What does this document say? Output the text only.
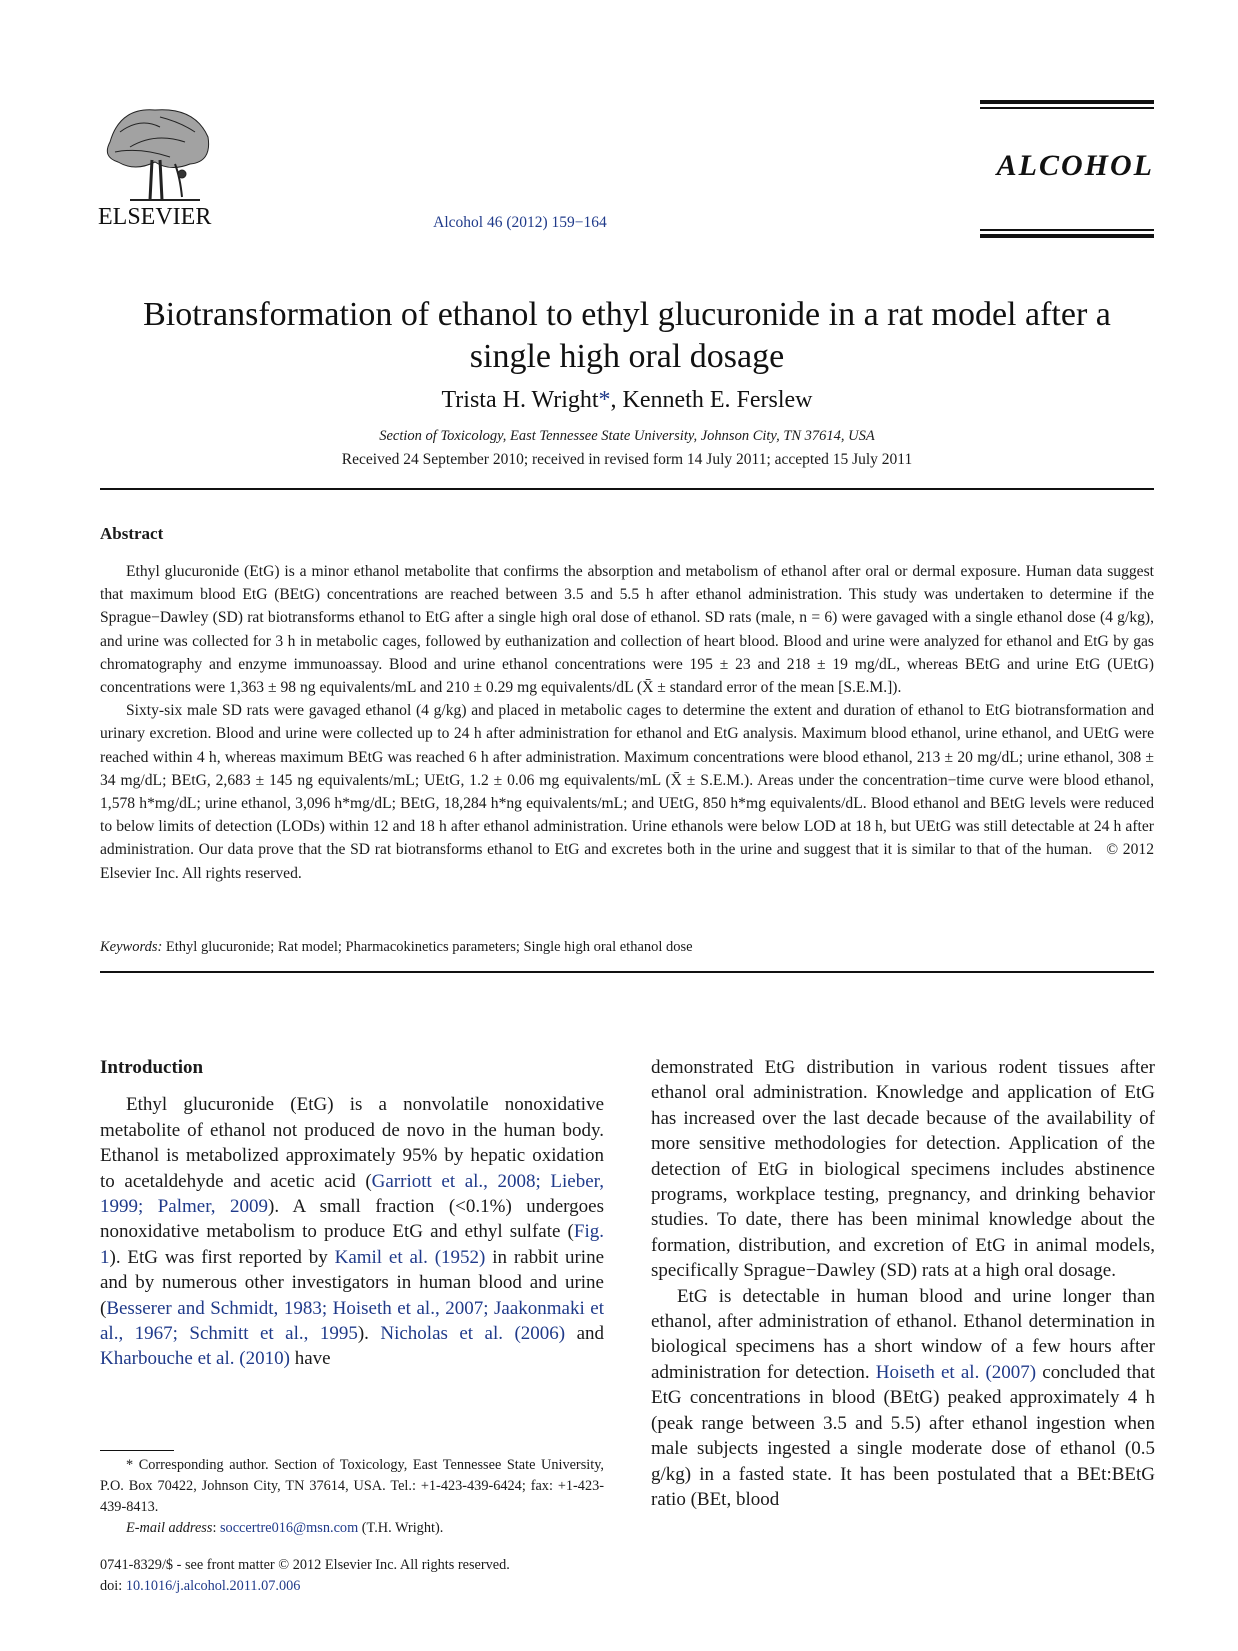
ELSEVIER	Alcohol 46 (2012) 159−164
ALCOHOL
Biotransformation of ethanol to ethyl glucuronide in a rat model after a single high oral dosage
Trista H. Wright*, Kenneth E. Ferslew
Section of Toxicology, East Tennessee State University, Johnson City, TN 37614, USA
Received 24 September 2010; received in revised form 14 July 2011; accepted 15 July 2011
Abstract

Ethyl glucuronide (EtG) is a minor ethanol metabolite that confirms the absorption and metabolism of ethanol after oral or dermal exposure. Human data suggest that maximum blood EtG (BEtG) concentrations are reached between 3.5 and 5.5 h after ethanol administration. This study was undertaken to determine if the Sprague−Dawley (SD) rat biotransforms ethanol to EtG after a single high oral dose of ethanol. SD rats (male, n = 6) were gavaged with a single ethanol dose (4 g/kg), and urine was collected for 3 h in metabolic cages, followed by euthanization and collection of heart blood. Blood and urine were analyzed for ethanol and EtG by gas chromatography and enzyme immunoassay. Blood and urine ethanol concentrations were 195 ± 23 and 218 ± 19 mg/dL, whereas BEtG and urine EtG (UEtG) concentrations were 1,363 ± 98 ng equivalents/mL and 210 ± 0.29 mg equivalents/dL (X̄ ± standard error of the mean [S.E.M.]).

Sixty-six male SD rats were gavaged ethanol (4 g/kg) and placed in metabolic cages to determine the extent and duration of ethanol to EtG biotransformation and urinary excretion. Blood and urine were collected up to 24 h after administration for ethanol and EtG analysis. Maximum blood ethanol, urine ethanol, and UEtG were reached within 4 h, whereas maximum BEtG was reached 6 h after administration. Maximum concentrations were blood ethanol, 213 ± 20 mg/dL; urine ethanol, 308 ± 34 mg/dL; BEtG, 2,683 ± 145 ng equivalents/mL; UEtG, 1.2 ± 0.06 mg equivalents/mL (X̄ ± S.E.M.). Areas under the concentration−time curve were blood ethanol, 1,578 h*mg/dL; urine ethanol, 3,096 h*mg/dL; BEtG, 18,284 h*ng equivalents/mL; and UEtG, 850 h*mg equivalents/dL. Blood ethanol and BEtG levels were reduced to below limits of detection (LODs) within 12 and 18 h after ethanol administration. Urine ethanols were below LOD at 18 h, but UEtG was still detectable at 24 h after administration. Our data prove that the SD rat biotransforms ethanol to EtG and excretes both in the urine and suggest that it is similar to that of the human. © 2012 Elsevier Inc. All rights reserved.

Keywords: Ethyl glucuronide; Rat model; Pharmacokinetics parameters; Single high oral ethanol dose

Introduction

Ethyl glucuronide (EtG) is a nonvolatile nonoxidative metabolite of ethanol not produced de novo in the human body. Ethanol is metabolized approximately 95% by hepatic oxidation to acetaldehyde and acetic acid (Garriott et al., 2008; Lieber, 1999; Palmer, 2009). A small fraction (<0.1%) undergoes nonoxidative metabolism to produce EtG and ethyl sulfate (Fig. 1). EtG was first reported by Kamil et al. (1952) in rabbit urine and by numerous other investigators in human blood and urine (Besserer and Schmidt, 1983; Hoiseth et al., 2007; Jaakonmaki et al., 1967; Schmitt et al., 1995). Nicholas et al. (2006) and Kharbouche et al. (2010) have

demonstrated EtG distribution in various rodent tissues after ethanol oral administration. Knowledge and application of EtG has increased over the last decade because of the availability of more sensitive methodologies for detection. Application of the detection of EtG in biological specimens includes abstinence programs, workplace testing, pregnancy, and drinking behavior studies. To date, there has been minimal knowledge about the formation, distribution, and excretion of EtG in animal models, specifically Sprague−Dawley (SD) rats at a high oral dosage.

EtG is detectable in human blood and urine longer than ethanol, after administration of ethanol. Ethanol determination in biological specimens has a short window of a few hours after administration for detection. Hoiseth et al. (2007) concluded that EtG concentrations in blood (BEtG) peaked approximately 4 h (peak range between 3.5 and 5.5) after ethanol ingestion when male subjects ingested a single moderate dose of ethanol (0.5 g/kg) in a fasted state. It has been postulated that a BEt:BEtG ratio (BEt, blood

* Corresponding author. Section of Toxicology, East Tennessee State University, P.O. Box 70422, Johnson City, TN 37614, USA. Tel.: +1-423-439-6424; fax: +1-423-439-8413.

E-mail address: soccertre016@msn.com (T.H. Wright).

0741-8329/$ - see front matter © 2012 Elsevier Inc. All rights reserved.

doi: 10.1016/j.alcohol.2011.07.006
